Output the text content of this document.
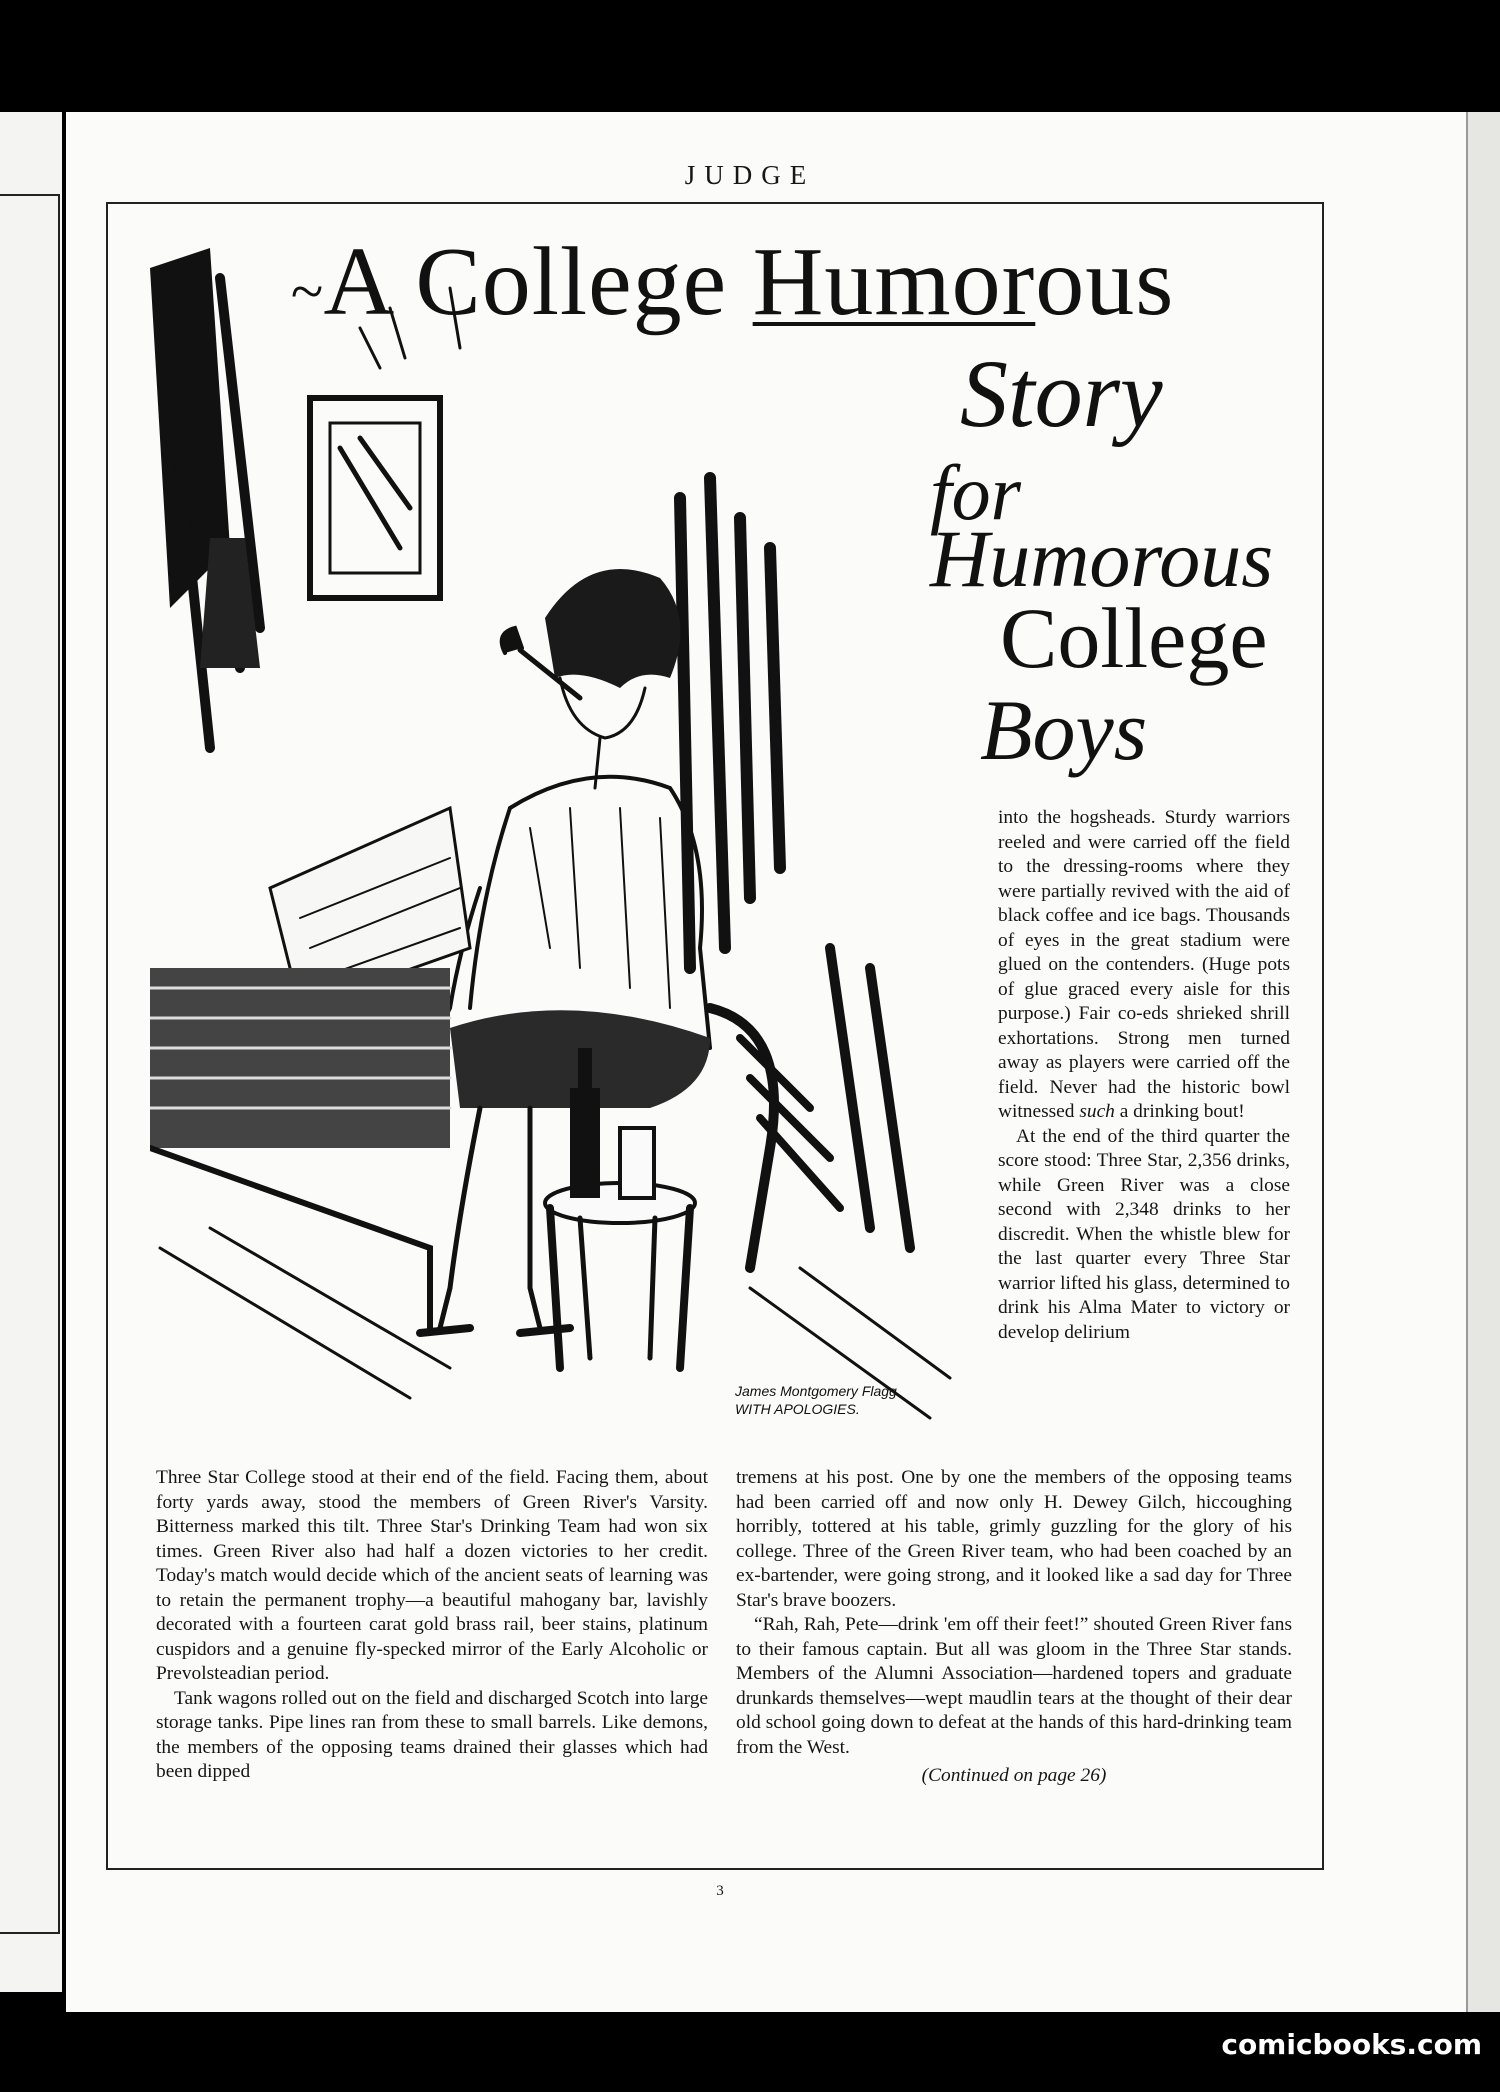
JUDGE
~A College Humorous
Story
for
Humorous
College
Boys
James Montgomery Flagg
WITH APOLOGIES.

into the hogsheads. Sturdy warriors reeled and were carried off the field to the dressing-rooms where they were partially revived with the aid of black coffee and ice bags. Thousands of eyes in the great stadium were glued on the contenders. (Huge pots of glue graced every aisle for this purpose.) Fair co-eds shrieked shrill exhortations. Strong men turned away as players were carried off the field. Never had the historic bowl witnessed such a drinking bout!

At the end of the third quarter the score stood: Three Star, 2,356 drinks, while Green River was a close second with 2,348 drinks to her discredit. When the whistle blew for the last quarter every Three Star warrior lifted his glass, determined to drink his Alma Mater to victory or develop delirium

Three Star College stood at their end of the field. Facing them, about forty yards away, stood the members of Green River's Varsity. Bitterness marked this tilt. Three Star's Drinking Team had won six times. Green River also had half a dozen victories to her credit. Today's match would decide which of the ancient seats of learning was to retain the permanent trophy—a beautiful mahogany bar, lavishly decorated with a fourteen carat gold brass rail, beer stains, platinum cuspidors and a genuine fly-specked mirror of the Early Alcoholic or Prevolsteadian period.

Tank wagons rolled out on the field and discharged Scotch into large storage tanks. Pipe lines ran from these to small barrels. Like demons, the members of the opposing teams drained their glasses which had been dipped

tremens at his post. One by one the members of the opposing teams had been carried off and now only H. Dewey Gilch, hiccoughing horribly, tottered at his table, grimly guzzling for the glory of his college. Three of the Green River team, who had been coached by an ex-bartender, were going strong, and it looked like a sad day for Three Star's brave boozers.

“Rah, Rah, Pete—drink 'em off their feet!” shouted Green River fans to their famous captain. But all was gloom in the Three Star stands. Members of the Alumni Association—hardened topers and graduate drunkards themselves—wept maudlin tears at the thought of their dear old school going down to defeat at the hands of this hard-drinking team from the West.

(Continued on page 26)
3
comicbooks.com
